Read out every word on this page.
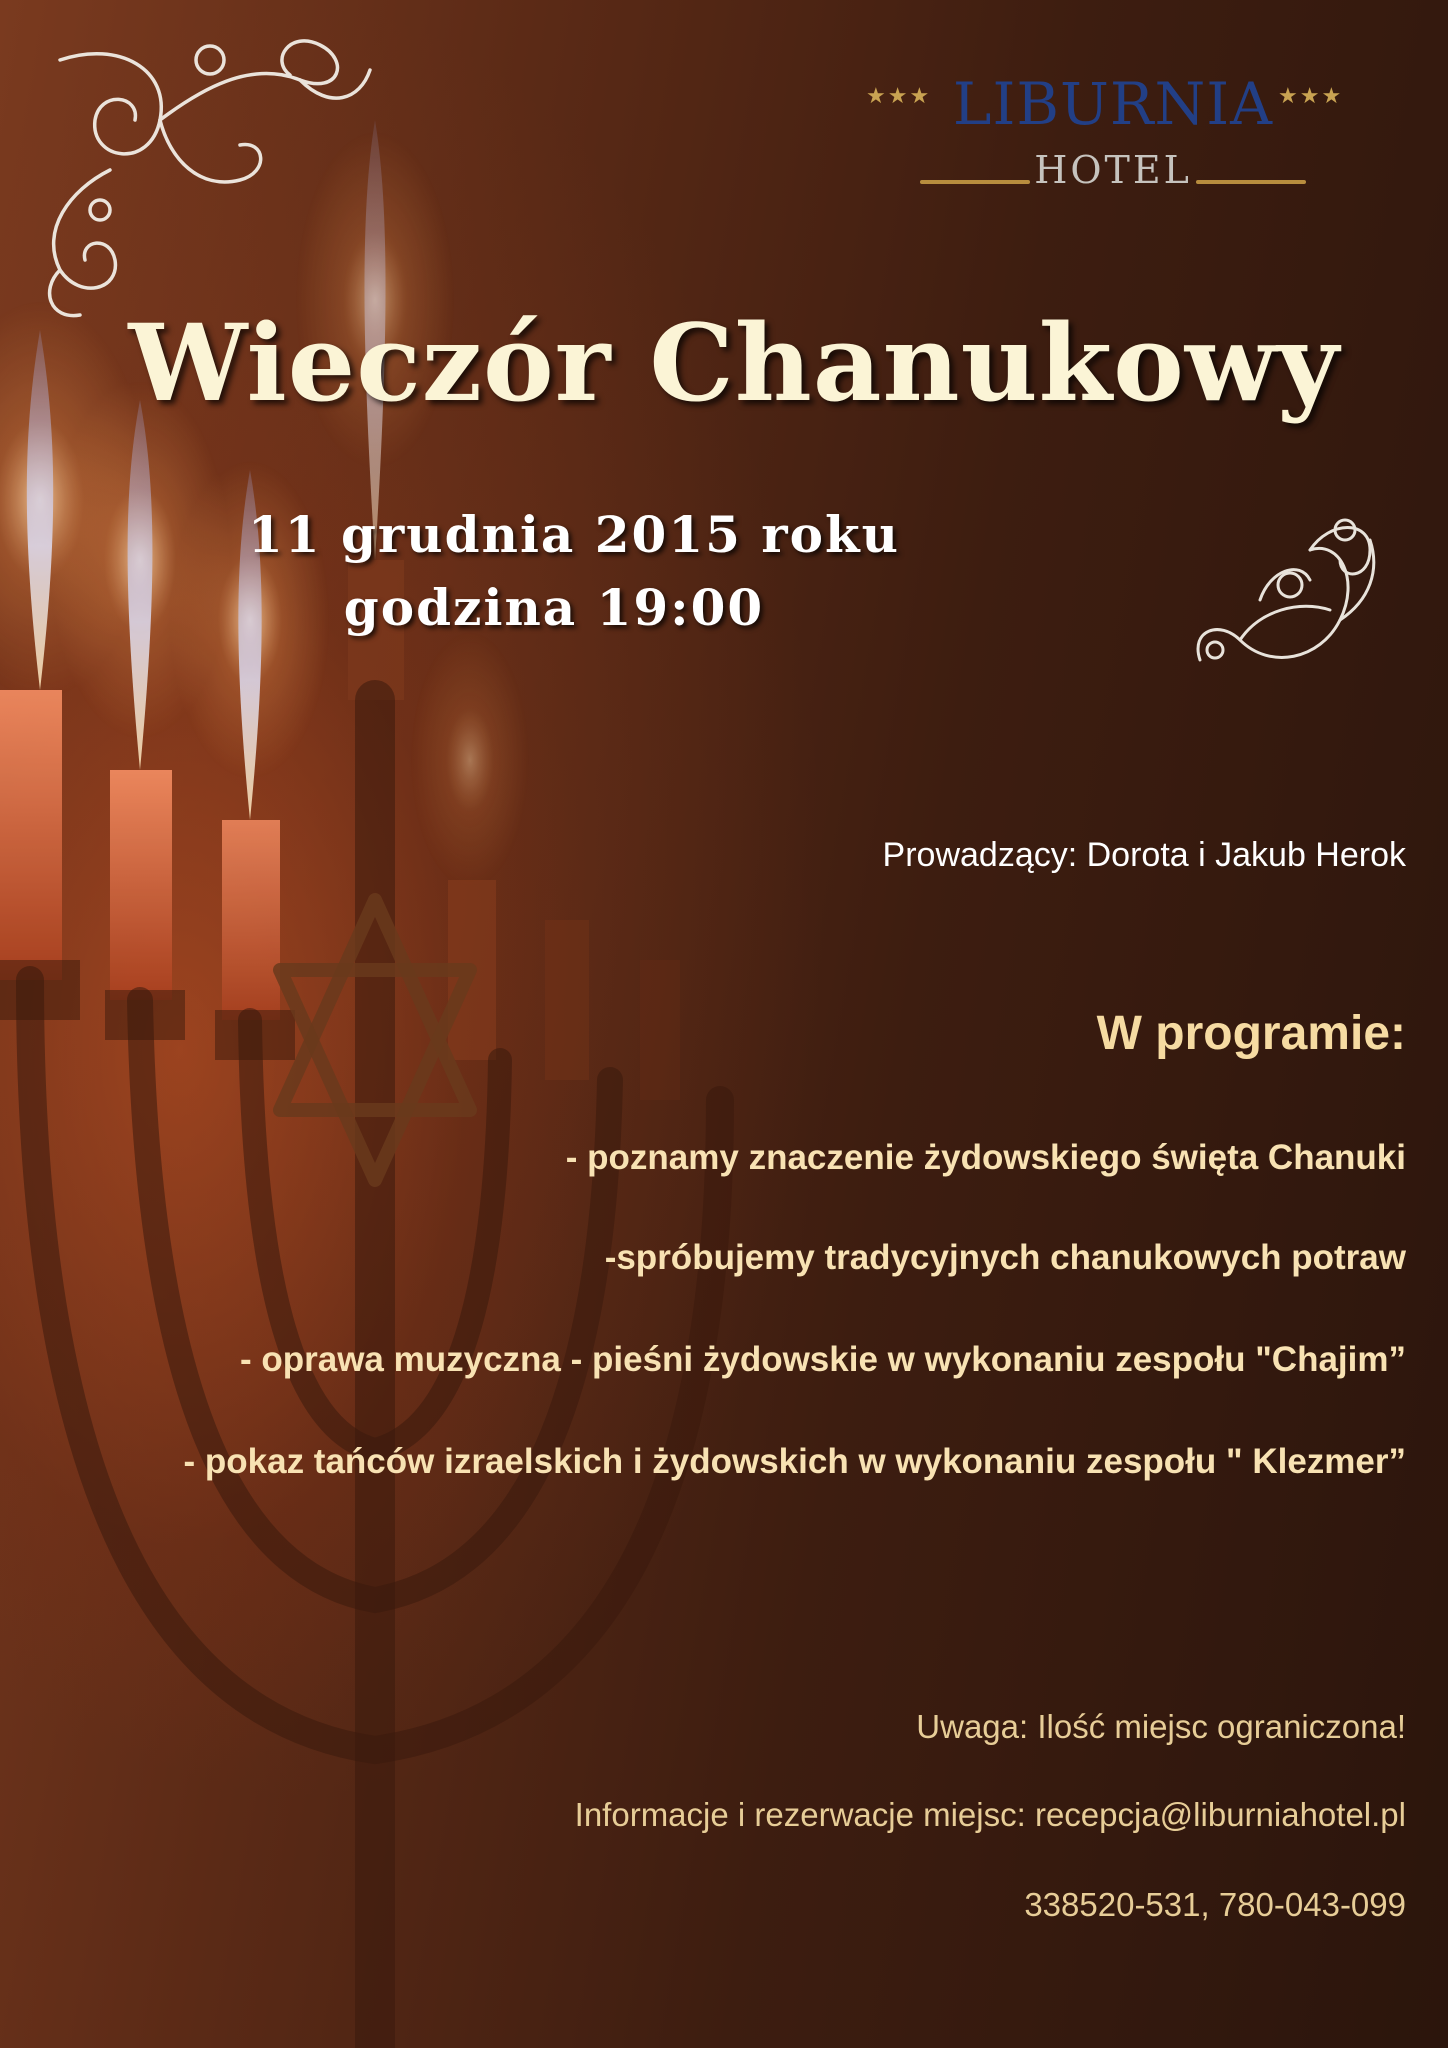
★★★ LIBURNIA ★★★
HOTEL
Wieczór Chanukowy
11 grudnia 2015 roku
godzina 19:00
Prowadzący: Dorota i Jakub Herok
W programie:
- poznamy znaczenie żydowskiego święta Chanuki
-spróbujemy tradycyjnych chanukowych potraw
- oprawa muzyczna - pieśni żydowskie w wykonaniu zespołu "Chajim”
- pokaz tańców izraelskich i żydowskich w wykonaniu zespołu " Klezmer”
Uwaga: Ilość miejsc ograniczona!
Informacje i rezerwacje miejsc: recepcja@liburniahotel.pl
338520-531, 780-043-099
